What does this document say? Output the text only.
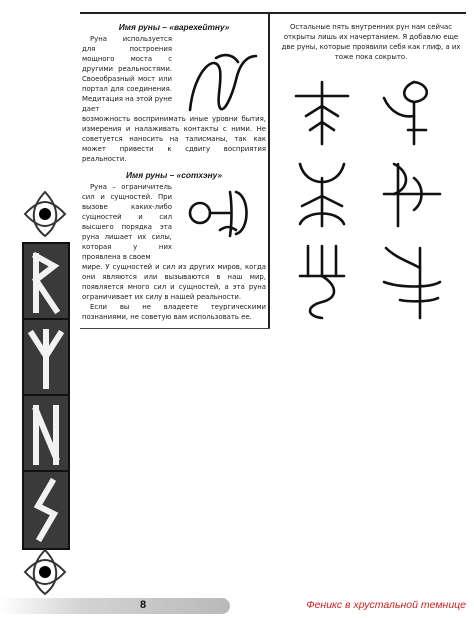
Имя руны – «варехейтну»

Руна используется для построения мощного моста с другими реальностями. Своеобразный мост или портал для соединения. Медитация на этой руне дает

возможность воспринимать иные уровни бытия, измерения и налаживать контакты с ними. Не советуется наносить на талисманы, так как может привести к сдвигу восприятия реальности.

Имя руны – «сотхэну»

Руна – ограничитель сил и сущностей. При вызове каких-либо сущностей и сил высшего порядка эта руна лишает их силы, которая у них проявлена в своем

мире. У сущностей и сил из других миров, когда они являются или вызываются в наш мир, появляется много сил и сущностей, а эта руна ограничивает их силу в нашей реальности.

Если вы не владеете теургическими познаниями, не советую вам использовать ее.

Остальные пять внутренних рун нам сейчас открыты лишь их начертанием. Я добавлю еще две руны, которые проявили себя как глиф, а их тоже пока сокрыто.

8	Феникс в хрустальной темнице
